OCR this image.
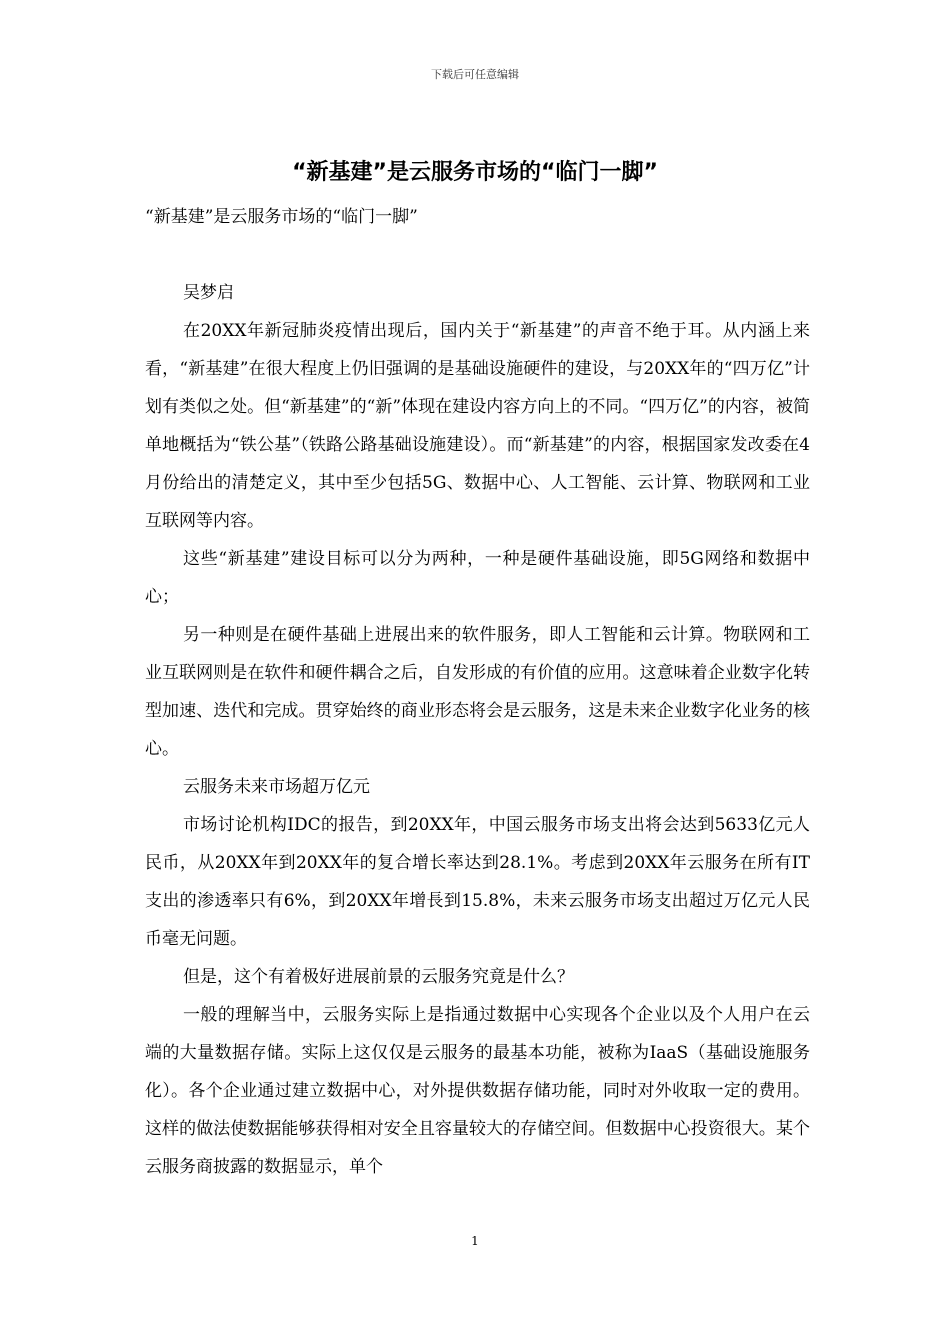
下载后可任意编辑
“新基建”是云服务市场的“临门一脚”

“新基建”是云服务市场的“临门一脚”

吴梦启

在20XX年新冠肺炎疫情出现后，国内关于“新基建”的声音不绝于耳。从内涵上来看，“新基建”在很大程度上仍旧强调的是基础设施硬件的建设，与20XX年的“四万亿”计划有类似之处。但“新基建”的“新”体现在建设内容方向上的不同。“四万亿”的内容，被简单地概括为“铁公基”（铁路公路基础设施建设）。而“新基建”的内容，根据国家发改委在4月份给出的清楚定义，其中至少包括5G、数据中心、人工智能、云计算、物联网和工业互联网等内容。

这些“新基建”建设目标可以分为两种，一种是硬件基础设施，即5G网络和数据中心；

另一种则是在硬件基础上进展出来的软件服务，即人工智能和云计算。物联网和工业互联网则是在软件和硬件耦合之后，自发形成的有价值的应用。这意味着企业数字化转型加速、迭代和完成。贯穿始终的商业形态将会是云服务，这是未来企业数字化业务的核心。

云服务未来市场超万亿元

市场讨论机构IDC的报告，到20XX年，中国云服务市场支出将会达到5633亿元人民币，从20XX年到20XX年的复合增长率达到28.1%。考虑到20XX年云服务在所有IT支出的渗透率只有6%，到20XX年增長到15.8%，未来云服务市场支出超过万亿元人民币毫无问题。

但是，这个有着极好进展前景的云服务究竟是什么？

一般的理解当中，云服务实际上是指通过数据中心实现各个企业以及个人用户在云端的大量数据存储。实际上这仅仅是云服务的最基本功能，被称为IaaS（基础设施服务化）。各个企业通过建立数据中心，对外提供数据存储功能，同时对外收取一定的费用。这样的做法使数据能够获得相对安全且容量较大的存储空间。但数据中心投资很大。某个云服务商披露的数据显示，单个

1
